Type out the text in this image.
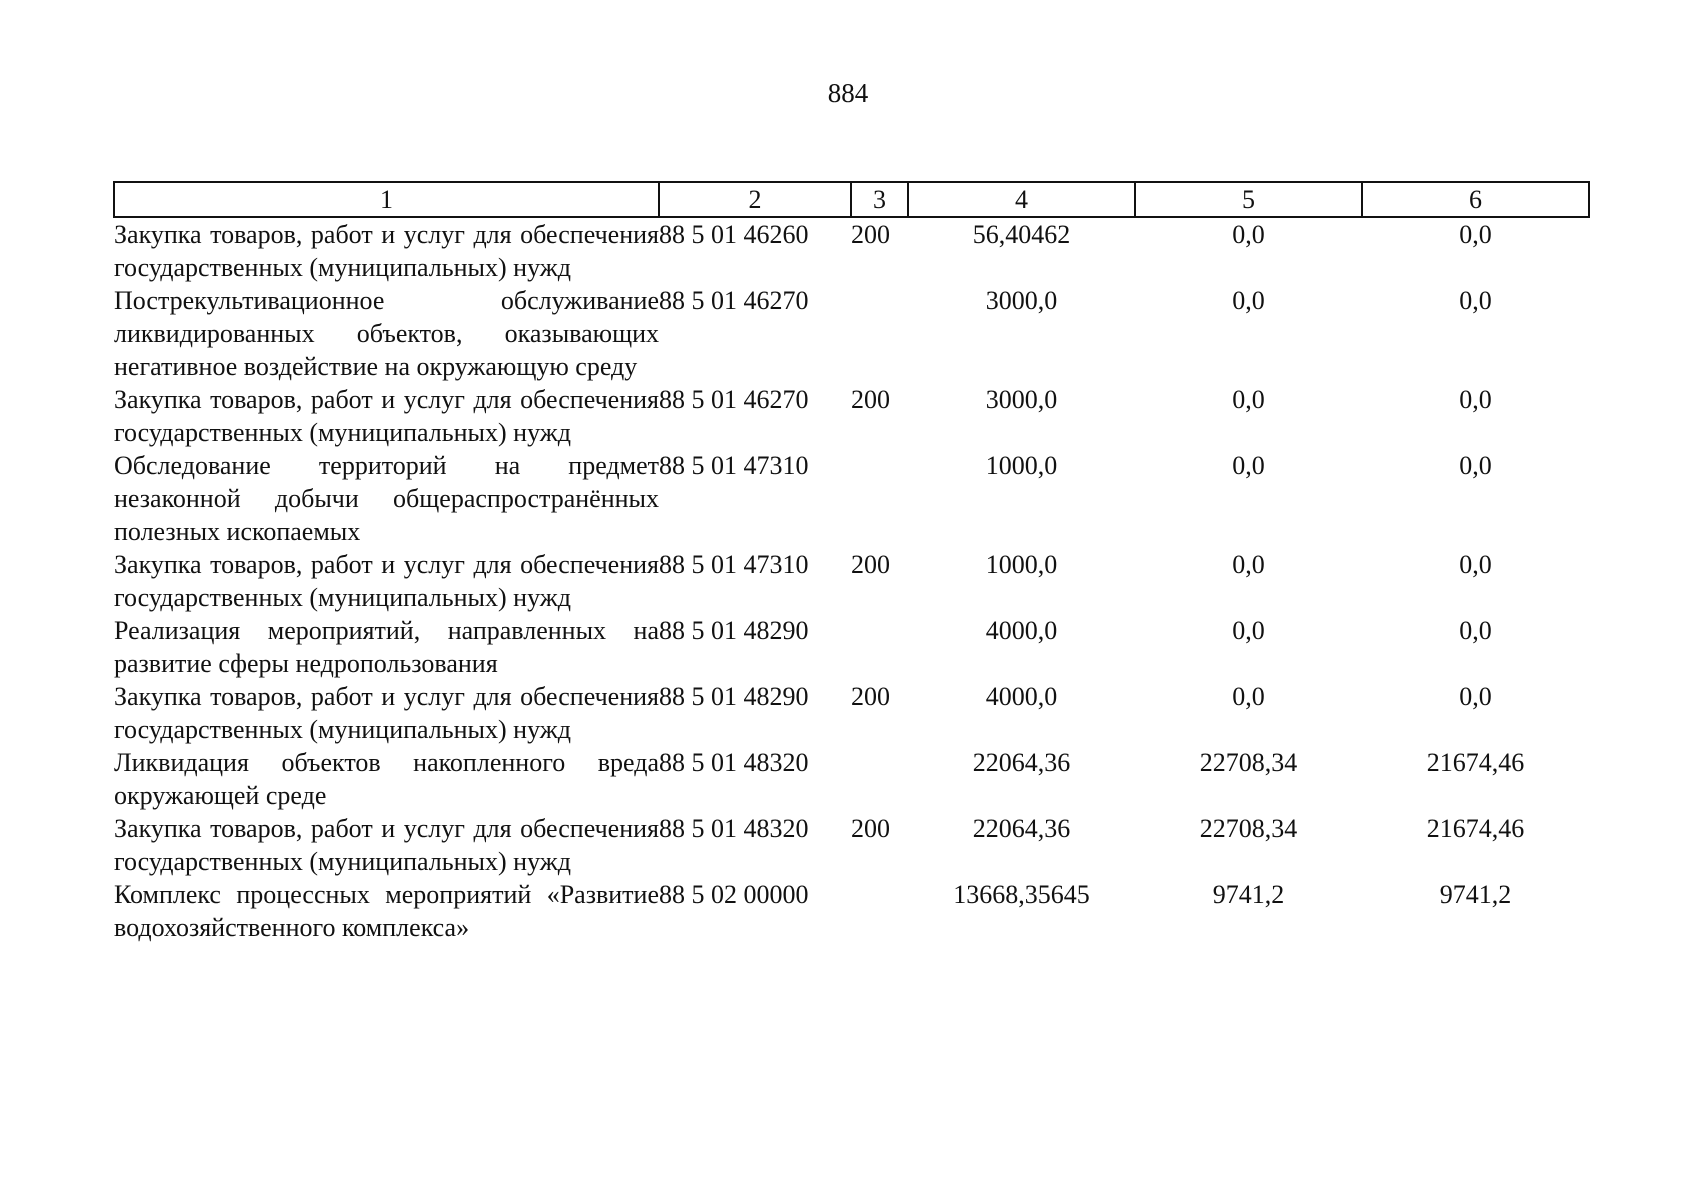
884
1	2	3	4	5	6
Закупка товаров, работ и услуг для обеспечения государственных (муниципальных) нужд	88 5 01 46260	200	56,40462	0,0	0,0
Пострекультивационное обслуживание ликвидированных объектов, оказывающих негативное воздействие на окружающую среду	88 5 01 46270		3000,0	0,0	0,0
Закупка товаров, работ и услуг для обеспечения государственных (муниципальных) нужд	88 5 01 46270	200	3000,0	0,0	0,0
Обследование территорий на предмет незаконной добычи общераспространённых полезных ископаемых	88 5 01 47310		1000,0	0,0	0,0
Закупка товаров, работ и услуг для обеспечения государственных (муниципальных) нужд	88 5 01 47310	200	1000,0	0,0	0,0
Реализация мероприятий, направленных на развитие сферы недропользования	88 5 01 48290		4000,0	0,0	0,0
Закупка товаров, работ и услуг для обеспечения государственных (муниципальных) нужд	88 5 01 48290	200	4000,0	0,0	0,0
Ликвидация объектов накопленного вреда окружающей среде	88 5 01 48320		22064,36	22708,34	21674,46
Закупка товаров, работ и услуг для обеспечения государственных (муниципальных) нужд	88 5 01 48320	200	22064,36	22708,34	21674,46
Комплекс процессных мероприятий «Развитие водохозяйственного комплекса»	88 5 02 00000		13668,35645	9741,2	9741,2
